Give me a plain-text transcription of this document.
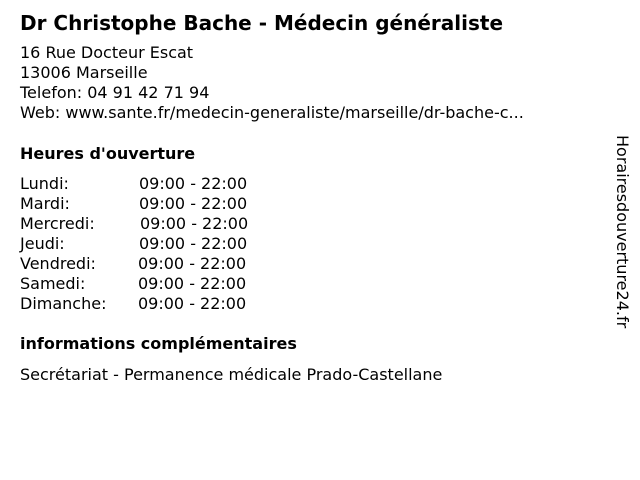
Dr Christophe Bache - Médecin généraliste
16 Rue Docteur Escat
13006 Marseille
Telefon: 04 91 42 71 94
Web: www.sante.fr/medecin-generaliste/marseille/dr-bache-c...
Heures d'ouverture
Lundi:	09:00 - 22:00
Mardi:	09:00 - 22:00
Mercredi:	09:00 - 22:00
Jeudi:	09:00 - 22:00
Vendredi:	09:00 - 22:00
Samedi:	09:00 - 22:00
Dimanche:	09:00 - 22:00
informations complémentaires
Secrétariat - Permanence médicale Prado-Castellane
Horairesdouverture24.fr
